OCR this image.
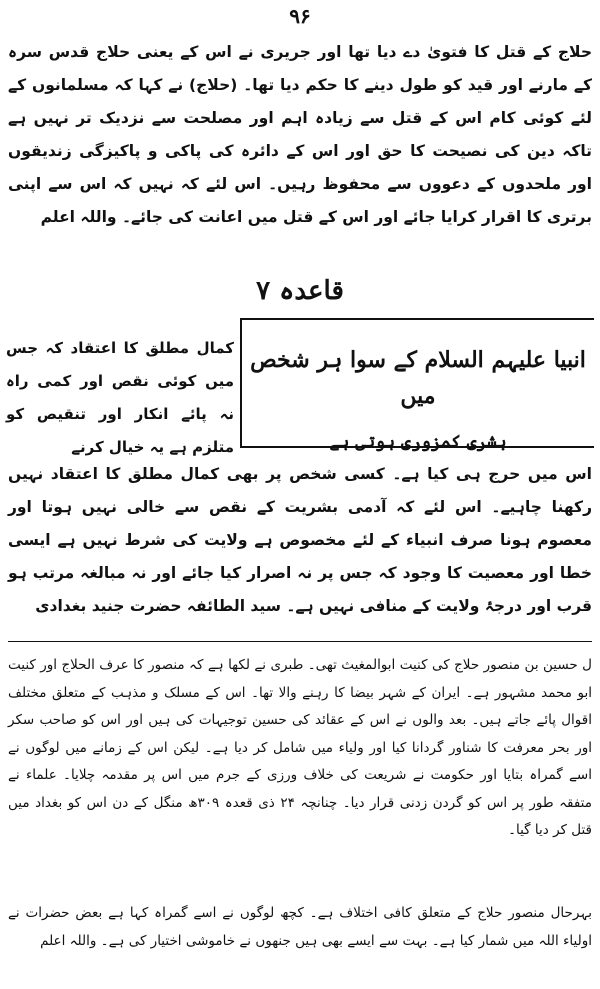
۹۶

حلاج کے قتل کا فتویٰ دے دیا تھا اور جریری نے اس کے یعنی حلاج قدس سرہ کے مارنے اور قید کو طول دینے کا حکم دیا تھا۔ (حلاج) نے کہا کہ مسلمانوں کے لئے کوئی کام اس کے قتل سے زیادہ اہم اور مصلحت سے نزدیک تر نہیں ہے تاکہ دین کی نصیحت کا حق اور اس کے دائرہ کی پاکی و پاکیزگی زندیقوں اور ملحدوں کے دعووں سے محفوظ رہیں۔ اس لئے کہ نہیں کہ اس سے اپنی برتری کا اقرار کرایا جائے اور اس کے قتل میں اعانت کی جائے۔ واللہ اعلم

قاعدہ ۷
انبیا علیہم السلام کے سوا ہر شخص میں
بشری کمزوری ہوتی ہے

کمال مطلق کا اعتقاد کہ جس میں کوئی نقص اور کمی راہ نہ پائے انکار اور تنقیص کو متلزم ہے یہ خیال کرنے

اس میں حرج ہی کیا ہے۔ کسی شخص پر بھی کمال مطلق کا اعتقاد نہیں رکھنا چاہیے۔ اس لئے کہ آدمی بشریت کے نقص سے خالی نہیں ہوتا اور معصوم ہونا صرف انبیاء کے لئے مخصوص ہے ولایت کی شرط نہیں ہے ایسی خطا اور معصیت کا وجود کہ جس پر نہ اصرار کیا جائے اور نہ مبالغہ مرتب ہو قرب اور درجۂ ولایت کے منافی نہیں ہے۔ سید الطائفہ حضرت جنید بغدادی

ل حسین بن منصور حلاج کی کنیت ابوالمغیث تھی۔ طبری نے لکھا ہے کہ منصور کا عرف الحلاج اور کنیت ابو محمد مشہور ہے۔ ایران کے شہر بیضا کا رہنے والا تھا۔ اس کے مسلک و مذہب کے متعلق مختلف اقوال پائے جاتے ہیں۔ بعد والوں نے اس کے عقائد کی حسین توجیہات کی ہیں اور اس کو صاحب سکر اور بحر معرفت کا شناور گردانا کیا اور ولیاء میں شامل کر دیا ہے۔ لیکن اس کے زمانے میں لوگوں نے اسے گمراہ بتایا اور حکومت نے شریعت کی خلاف ورزی کے جرم میں اس پر مقدمہ چلایا۔ علماء نے متفقہ طور پر اس کو گردن زدنی قرار دیا۔ چنانچہ ۲۴ ذی قعدہ ۳۰۹ھ منگل کے دن اس کو بغداد میں قتل کر دیا گیا۔

بہرحال منصور حلاج کے متعلق کافی اختلاف ہے۔ کچھ لوگوں نے اسے گمراہ کہا ہے بعض حضرات نے اولیاء اللہ میں شمار کیا ہے۔ بہت سے ایسے بھی ہیں جنھوں نے خاموشی اختیار کی ہے۔ واللہ اعلم
